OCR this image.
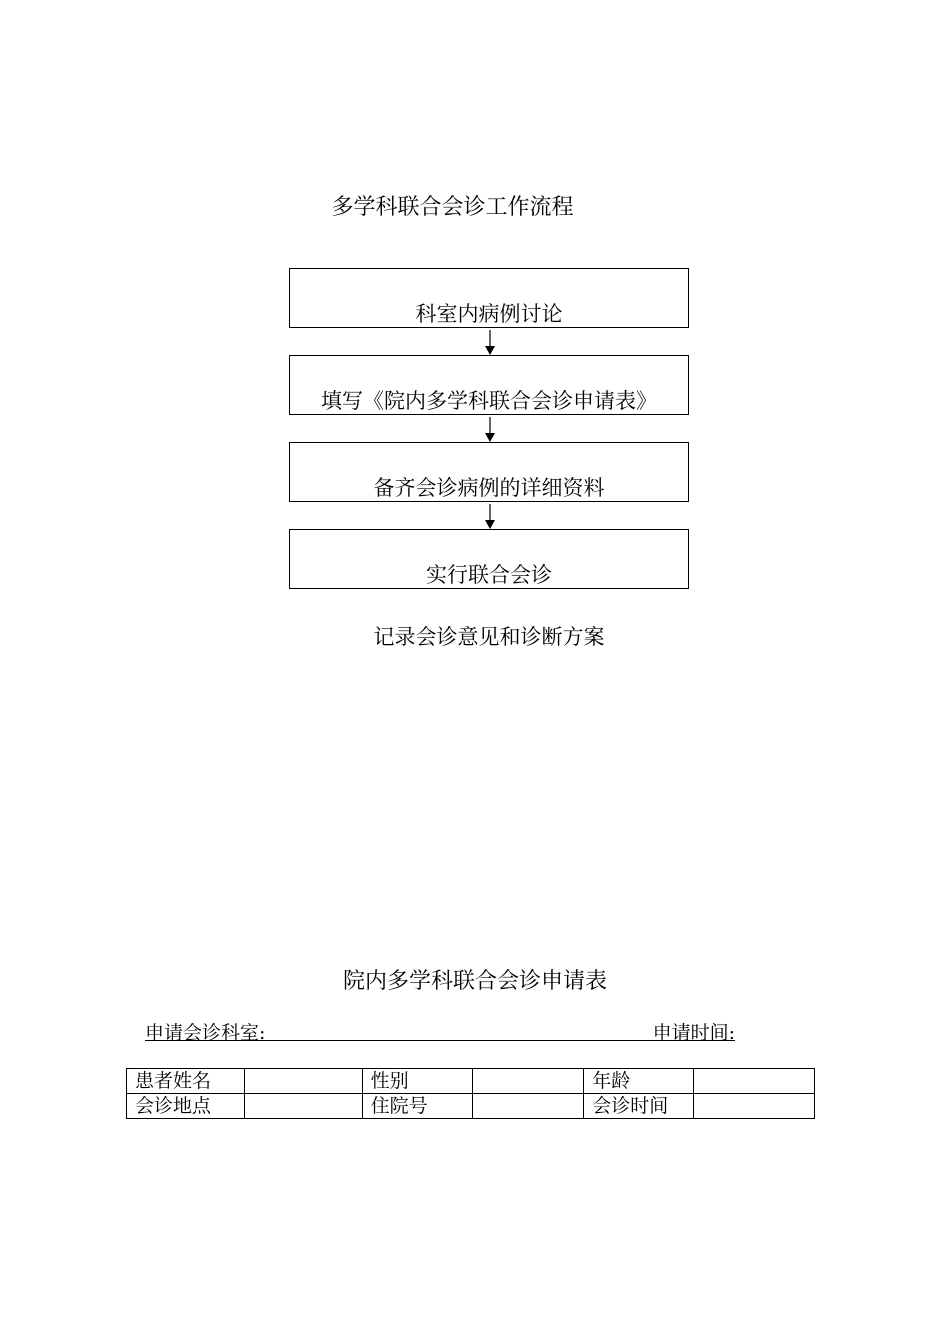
多学科联合会诊工作流程
科室内病例讨论
填写《院内多学科联合会诊申请表》
备齐会诊病例的详细资料
实行联合会诊
记录会诊意见和诊断方案
院内多学科联合会诊申请表
申请会诊科室:	申请时间:
患者姓名		性别		年龄	
会诊地点		住院号		会诊时间	
